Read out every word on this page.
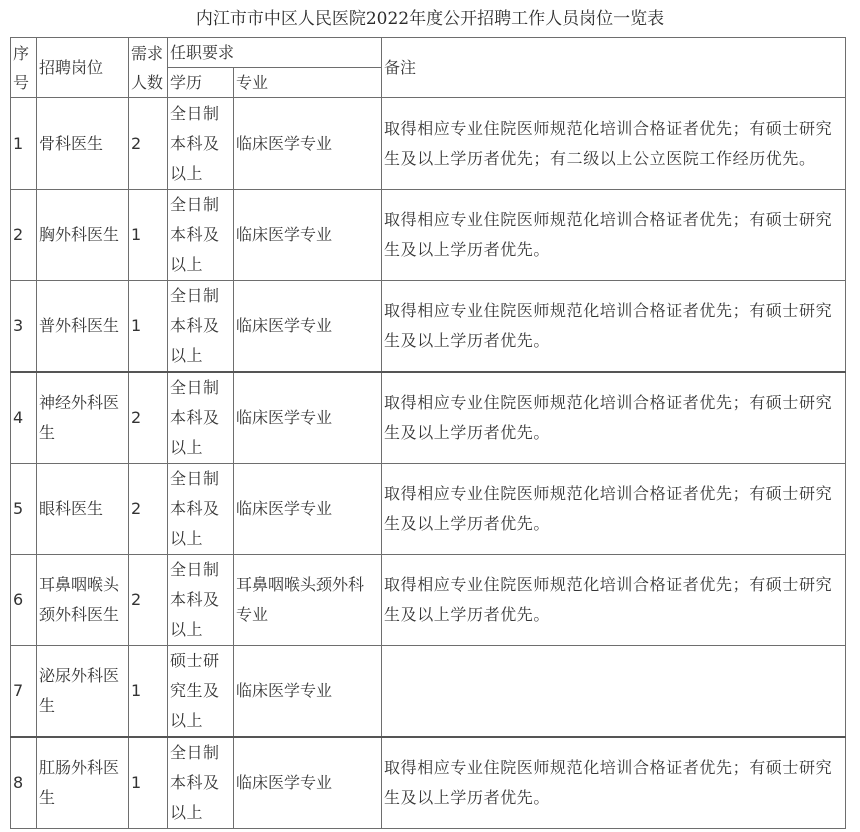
内江市市中区人民医院2022年度公开招聘工作人员岗位一览表
序号	招聘岗位	需求人数	任职要求		备注
			学历	专业	
1	骨科医生	2	全日制本科及以上	临床医学专业	取得相应专业住院医师规范化培训合格证者优先；有硕士研究生及以上学历者优先；有二级以上公立医院工作经历优先。
2	胸外科医生	1	全日制本科及以上	临床医学专业	取得相应专业住院医师规范化培训合格证者优先；有硕士研究生及以上学历者优先。
3	普外科医生	1	全日制本科及以上	临床医学专业	取得相应专业住院医师规范化培训合格证者优先；有硕士研究生及以上学历者优先。
4	神经外科医生	2	全日制本科及以上	临床医学专业	取得相应专业住院医师规范化培训合格证者优先；有硕士研究生及以上学历者优先。
5	眼科医生	2	全日制本科及以上	临床医学专业	取得相应专业住院医师规范化培训合格证者优先；有硕士研究生及以上学历者优先。
6	耳鼻咽喉头颈外科医生	2	全日制本科及以上	耳鼻咽喉头颈外科专业	取得相应专业住院医师规范化培训合格证者优先；有硕士研究生及以上学历者优先。
7	泌尿外科医生	1	硕士研究生及以上	临床医学专业	
8	肛肠外科医生	1	全日制本科及以上	临床医学专业	取得相应专业住院医师规范化培训合格证者优先；有硕士研究生及以上学历者优先。
